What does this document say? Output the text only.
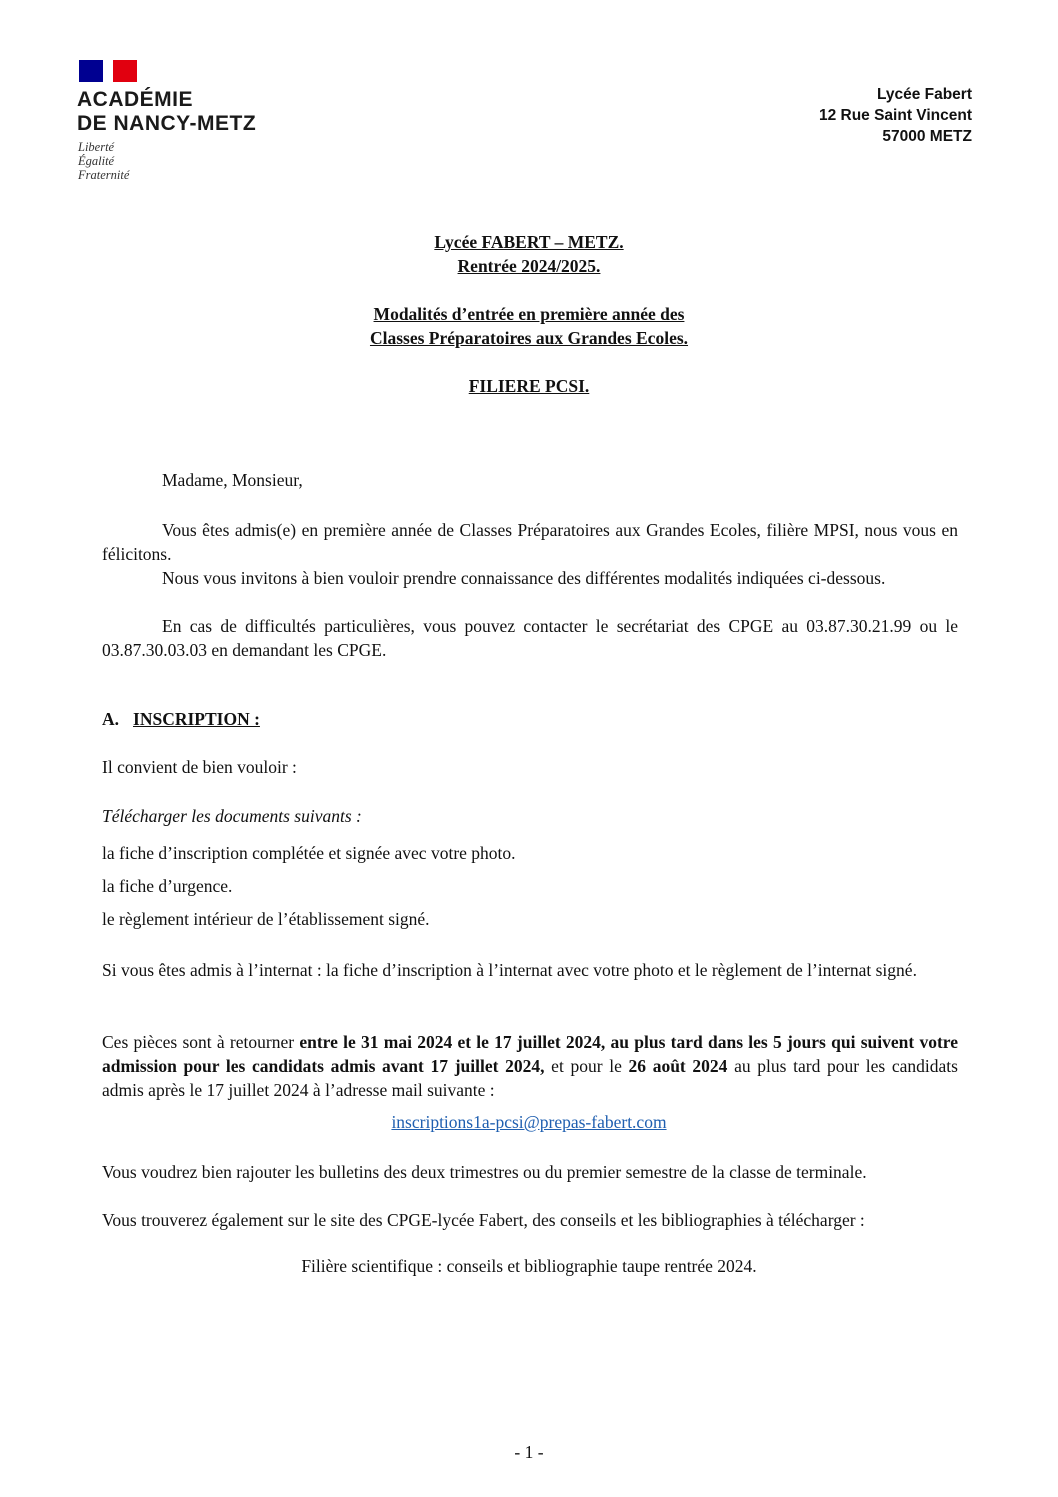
ACADÉMIE
DE NANCY-METZ
Liberté
Égalité
Fraternité
Lycée Fabert
12 Rue Saint Vincent
57000 METZ
Lycée FABERT – METZ.
Rentrée 2024/2025.
Modalités d’entrée en première année des
Classes Préparatoires aux Grandes Ecoles.
FILIERE PCSI.
Madame, Monsieur,
Vous êtes admis(e) en première année de Classes Préparatoires aux Grandes Ecoles, filière MPSI, nous vous en félicitons.
Nous vous invitons à bien vouloir prendre connaissance des différentes modalités indiquées ci-dessous.
En cas de difficultés particulières, vous pouvez contacter le secrétariat des CPGE au 03.87.30.21.99 ou le 03.87.30.03.03 en demandant les CPGE.
A. INSCRIPTION :
Il convient de bien vouloir :
Télécharger les documents suivants :
la fiche d’inscription complétée et signée avec votre photo.
la fiche d’urgence.
le règlement intérieur de l’établissement signé.
Si vous êtes admis à l’internat : la fiche d’inscription à l’internat avec votre photo et le règlement de l’internat signé.
Ces pièces sont à retourner entre le 31 mai 2024 et le 17 juillet 2024, au plus tard dans les 5 jours qui suivent votre admission pour les candidats admis avant 17 juillet 2024, et pour le 26 août 2024 au plus tard pour les candidats admis après le 17 juillet 2024 à l’adresse mail suivante :
inscriptions1a-pcsi@prepas-fabert.com
Vous voudrez bien rajouter les bulletins des deux trimestres ou du premier semestre de la classe de terminale.
Vous trouverez également sur le site des CPGE-lycée Fabert, des conseils et les bibliographies à télécharger :
Filière scientifique : conseils et bibliographie taupe rentrée 2024.
- 1 -
